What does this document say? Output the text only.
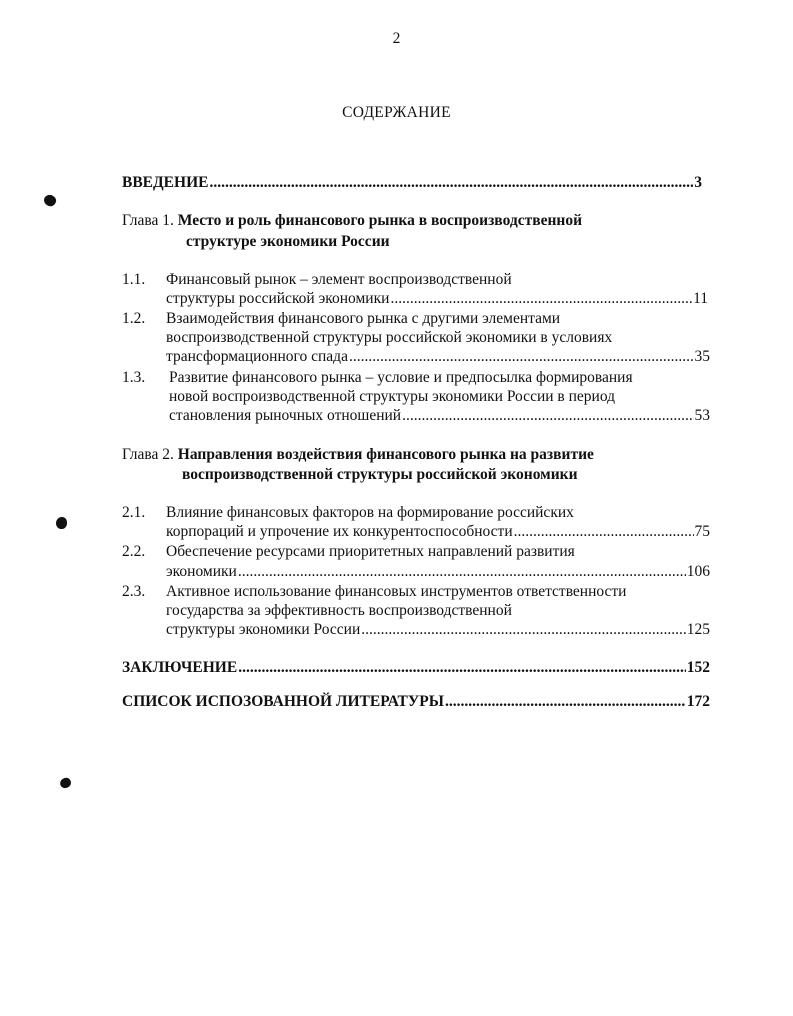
2
СОДЕРЖАНИЕ
ВВЕДЕНИЕ .....	3
Глава 1. Место и роль финансового рынка в воспроизводственной
структуре экономики России
1.1. Финансовый рынок – элемент воспроизводственной
структуры российской экономики .....	11
1.2. Взаимодействия финансового рынка с другими элементами
воспроизводственной структуры российской экономики в условиях
трансформационного спада .....	35
1.3. Развитие финансового рынка – условие и предпосылка формирования
новой воспроизводственной структуры экономики России в период
становления рыночных отношений .....	53
Глава 2. Направления воздействия финансового рынка на развитие
воспроизводственной структуры российской экономики
2.1. Влияние финансовых факторов на формирование российских
корпораций и упрочение их конкурентоспособности .....	75
2.2. Обеспечение ресурсами приоритетных направлений развития
экономики .....	106
2.3. Активное использование финансовых инструментов ответственности
государства за эффективность воспроизводственной
структуры экономики России .....	125
ЗАКЛЮЧЕНИЕ .....	152
СПИСОК ИСПОЗОВАННОЙ ЛИТЕРАТУРЫ .....	172
